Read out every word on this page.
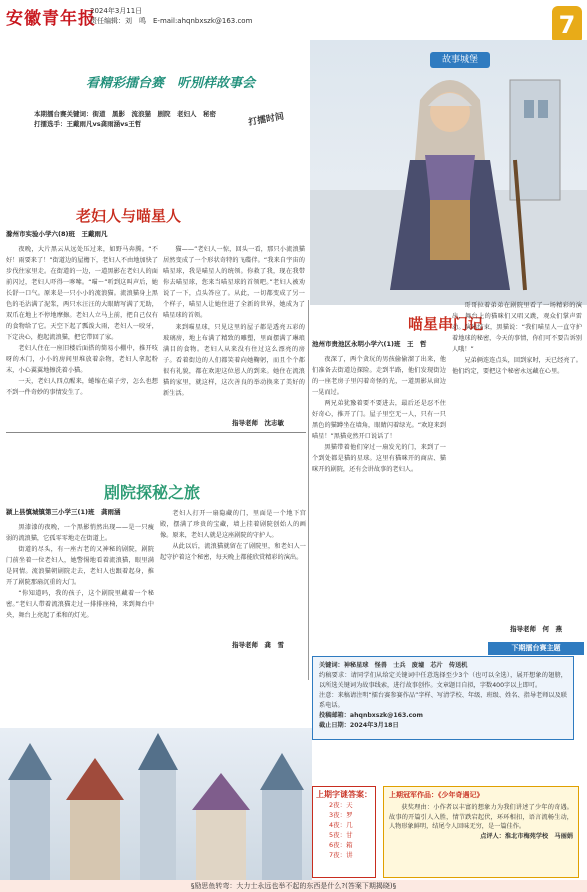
安徽青年报
2024年3月11日
责任编辑：刘　鸣　E-mail:ahqnbxszk@163.com	7
故事城堡
看精彩擂台赛　听別样故事会
本期擂台赛关键词：街道　黑影　流浪猫　剧院　老妇人　秘密
打擂选手：王戴雨凡vs龚雨涵vs王哲	打擂时间
老妇人与喵星人
滁州市实验小学六(8)班　王戴雨凡

夜晚，大片黑云从远处压过来，如野马奔腾。“不好！雨要来了！”街道边的屋檐下，老妇人不由地加快了步伐往家里走。在街道的一边，一道黑影在老妇人的面前闪过，老妇人吓得一哆嗦。“喵～”听到这叫声后，她长舒一口气。原来是一只小小的流浪猫。流浪猫身上黑色的毛沾满了泥浆，两只水汪汪的大眼睛写满了无助，双爪在地上不停地摩擦。老妇人立马上前，把自己仅有的食物给了它。天空下起了瓢泼大雨，老妇人一咬牙，下定决心，抱起流浪猫，把它带回了家。

老妇人住在一座旧楼后面搭的简易小棚中，推开吱呀的木门，小小的房间里堆放着杂物，老妇人拿起粉末，小心翼翼地擦洗着小猫。

一天，老妇人四点醒来，蜷缩在桌子旁，怎么也想不到一件奇妙的事情发生了。

猫——”老妇人一惊，回头一看，那只小流浪猫居然变成了一个形状奇特的飞碟伴。“我来自宇宙的喵星球，我是喵星人的统领。你救了我，现在我带你去喵星球，您来当喵星球的首领吧。”老妇人被劝说了一下，点头答应了。从此，一切都变成了另一个样子，喵星人让她住进了全新的世界，她成为了喵星球的首领。

来到喵星球，只见这里的屋子都是透亮五彩的玻璃房，地上布满了精致的雕塑，里面摆满了琳琅满目的食物。老妇人从来没有住过这么漂亮的房子。看着街边的人们都笑着向她鞠躬，而且个个都很有礼貌，都在欢迎这位恩人的到来。她住在流浪猫的家里，就这样，这次善良的举动换来了美好的新生活。

指导老师　沈志敏
喵星串门记
池州市贵池区永明小学六(1)班　王　哲

夜深了，两个贪玩的男孩偷偷溜了出来，他们准备去街道边探险。走到半路，他们发现街边的一座老房子里闪着奇怪的光，一道黑影从窗边一晃而过。

两兄弟犹豫着要不要进去，最后还是忍不住好奇心，推开了门。屋子里空无一人，只有一只黑色的猫蹲坐在墙角，眼睛闪着绿光。“欢迎来到喵星！”黑猫竟然开口说话了！

黑猫带着他们穿过一扇发光的门，来到了一个到处都是猫的星球。这里有猫咪开的商店、猫咪开的剧院，还有会讲故事的老妇人。

哥哥拉着弟弟在剧院里看了一场精彩的演出，舞台上的猫咪们又唱又跳，观众们掌声雷动。演出结束，黑猫说：“我们喵星人一直守护着地球的秘密，今天的事情，你们可不要告诉别人哦！”

兄弟俩连连点头，回到家时，天已经亮了。他们约定，要把这个秘密永远藏在心里。

指导老师　何　燕
剧院探秘之旅
颍上县慎城镇第三小学三(1)班　龚雨涵

黑漆漆的夜晚，一个黑影悄然出现——是一只瘦弱的流浪猫，它孤零零地走在街道上。

街道的尽头，有一座古老的又神秘的剧院，剧院门前坐着一位老妇人，她警惕地看着流浪猫，眼里满是同情。流浪猫朝剧院走去，老妇人也跟着起身，推开了剧院那扇沉重的大门。

“你知道吗，我的孩子，这个剧院里藏着一个秘密。”老妇人带着流浪猫走过一排排座椅，来到舞台中央，舞台上亮起了柔和的灯光。

老妇人打开一扇隐藏的门，里面是一个地下宫殿，摆满了珍贵的宝藏，墙上挂着剧院创始人的画像。原来，老妇人就是这座剧院的守护人。

从此以后，流浪猫就留在了剧院里，和老妇人一起守护着这个秘密，每天晚上都能欣赏精彩的演出。

指导老师　龚　雪	下期擂台赛主题
关键词：神秘星球　怪兽　士兵　废墟　芯片　传送机
约稿要求：请同学们从给定关键词中任意选择至少3个（也可以全选），展开想象的翅膀，以所选关键词为故事线索，进行故事创作。文章题目自拟，字数400字以上即可。
注意：来稿请注明“擂台赛参赛作品”字样、写清学校、年级、班级、姓名、指导老师以及联系电话。
投稿邮箱：ahqnbxszk@163.com
截止日期：2024年3月18日
上期字谜答案：
2夜：天
3夜：罗
4夜：几
5夜：甘
6夜：箱
7夜：讲
上期冠军作品：《少年奇遇记》

获奖理由：小作者以丰富的想象力为我们讲述了少年的奇遇。故事的开篇引人入胜，情节跌宕起伏，环环相扣，语言流畅生动，人物形象鲜明，结尾令人回味无穷，是一篇佳作。

点评人：淮北市梅苑学校　马丽娟
§励思鱼转弯：大力士永远也举不起的东西是什么?(答案下期揭晓)§
